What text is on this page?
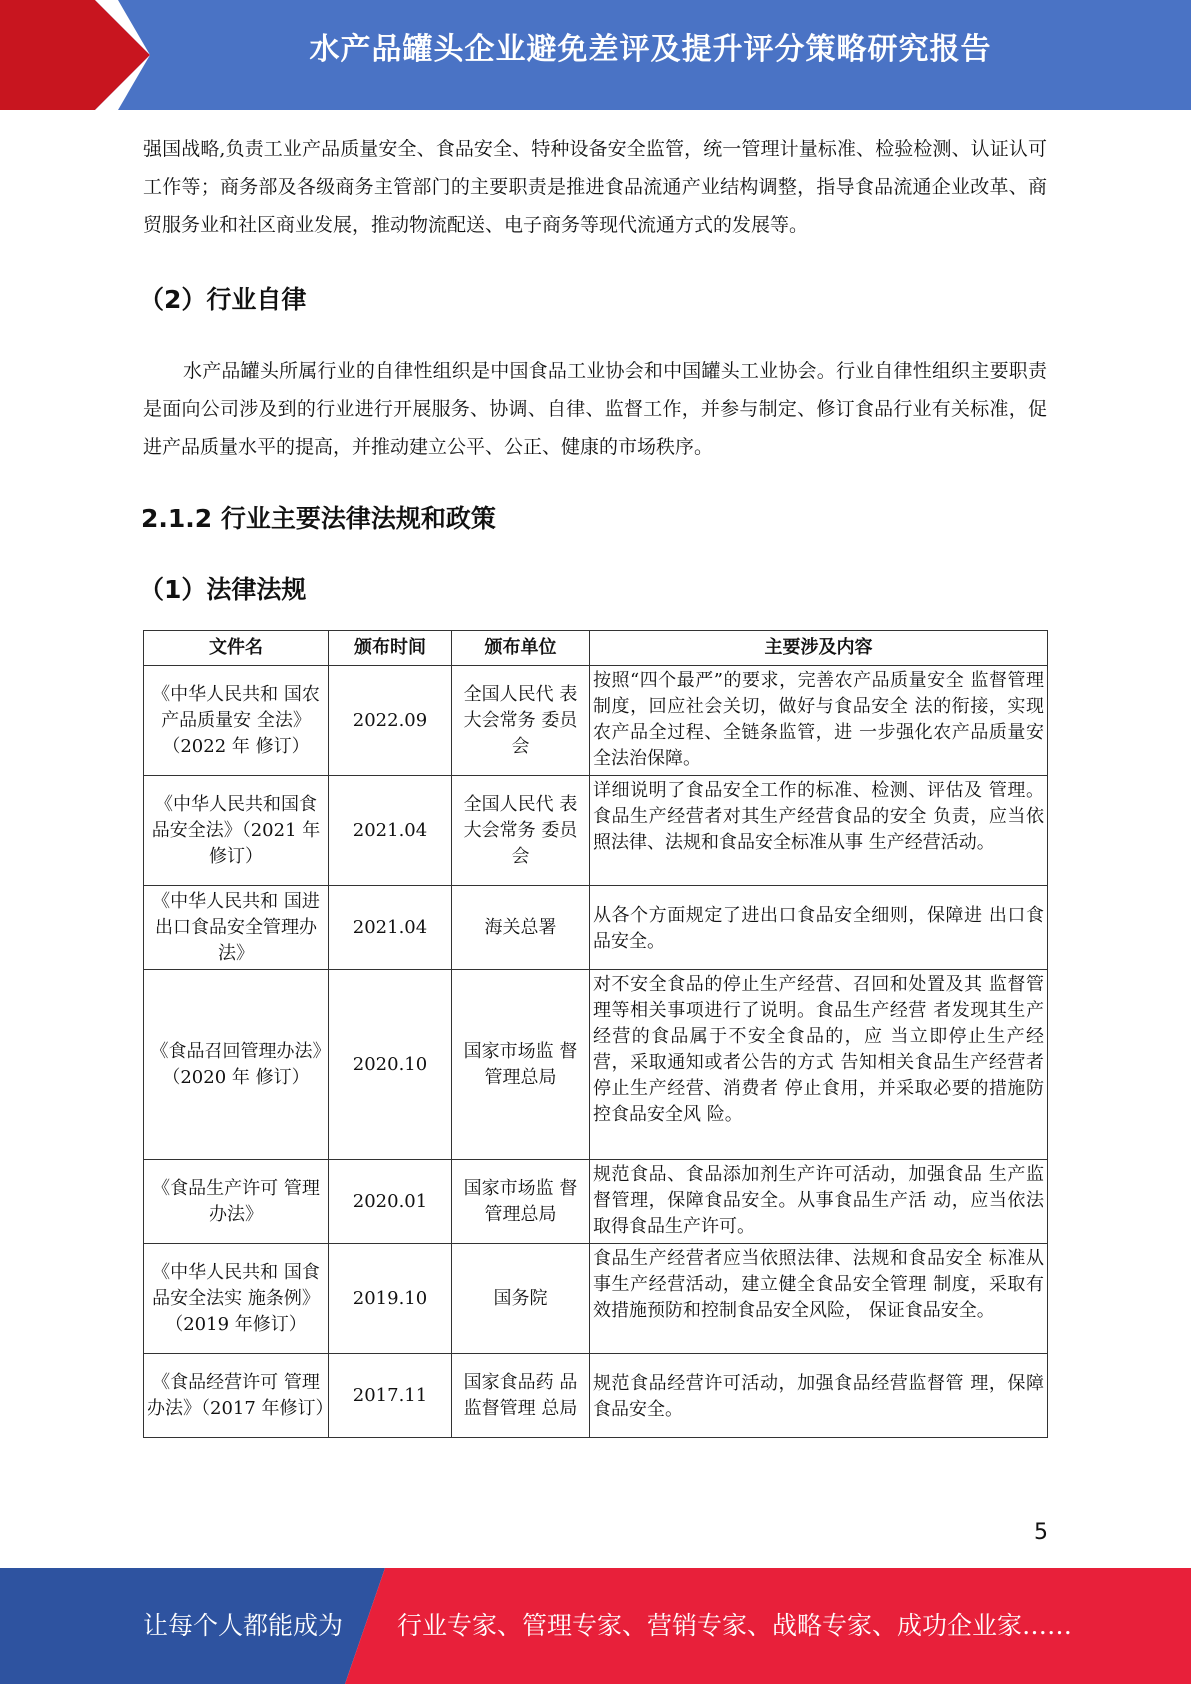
水产品罐头企业避免差评及提升评分策略研究报告

强国战略,负责工业产品质量安全、食品安全、特种设备安全监管，统一管理计量标准、检验检测、认证认可工作等；商务部及各级商务主管部门的主要职责是推进食品流通产业结构调整，指导食品流通企业改革、商贸服务业和社区商业发展，推动物流配送、电子商务等现代流通方式的发展等。

（2）行业自律

水产品罐头所属行业的自律性组织是中国食品工业协会和中国罐头工业协会。行业自律性组织主要职责是面向公司涉及到的行业进行开展服务、协调、自律、监督工作，并参与制定、修订食品行业有关标准，促进产品质量水平的提高，并推动建立公平、公正、健康的市场秩序。

2.1.2 行业主要法律法规和政策
（1）法律法规
文件名	颁布时间	颁布单位	主要涉及内容
《中华人民共和 国农产品质量安 全法》（2022 年 修订）	2022.09	全国人民代 表大会常务 委员会	按照“四个最严”的要求，完善农产品质量安全 监督管理制度，回应社会关切，做好与食品安全 法的衔接，实现农产品全过程、全链条监管，进 一步强化农产品质量安全法治保障。
《中华人民共和国食品安全法》（2021 年修订）	2021.04	全国人民代 表大会常务 委员会	详细说明了食品安全工作的标准、检测、评估及 管理。食品生产经营者对其生产经营食品的安全 负责，应当依照法律、法规和食品安全标准从事 生产经营活动。
《中华人民共和 国进出口食品安全管理办法》	2021.04	海关总署	从各个方面规定了进出口食品安全细则，保障进 出口食品安全。
《食品召回管理办法》（2020 年 修订）	2020.10	国家市场监 督管理总局	对不安全食品的停止生产经营、召回和处置及其 监督管理等相关事项进行了说明。食品生产经营 者发现其生产经营的食品属于不安全食品的，应 当立即停止生产经营，采取通知或者公告的方式 告知相关食品生产经营者停止生产经营、消费者 停止食用，并采取必要的措施防控食品安全风 险。
《食品生产许可 管理办法》	2020.01	国家市场监 督管理总局	规范食品、食品添加剂生产许可活动，加强食品 生产监督管理，保障食品安全。从事食品生产活 动，应当依法取得食品生产许可。
《中华人民共和 国食品安全法实 施条例》（2019 年修订）	2019.10	国务院	食品生产经营者应当依照法律、法规和食品安全 标准从事生产经营活动，建立健全食品安全管理 制度，采取有效措施预防和控制食品安全风险， 保证食品安全。
《食品经营许可 管理办法》（2017 年修订）	2017.11	国家食品药 品监督管理 总局	规范食品经营许可活动，加强食品经营监督管 理，保障食品安全。
5
让每个人都能成为 行业专家、管理专家、营销专家、战略专家、成功企业家……
